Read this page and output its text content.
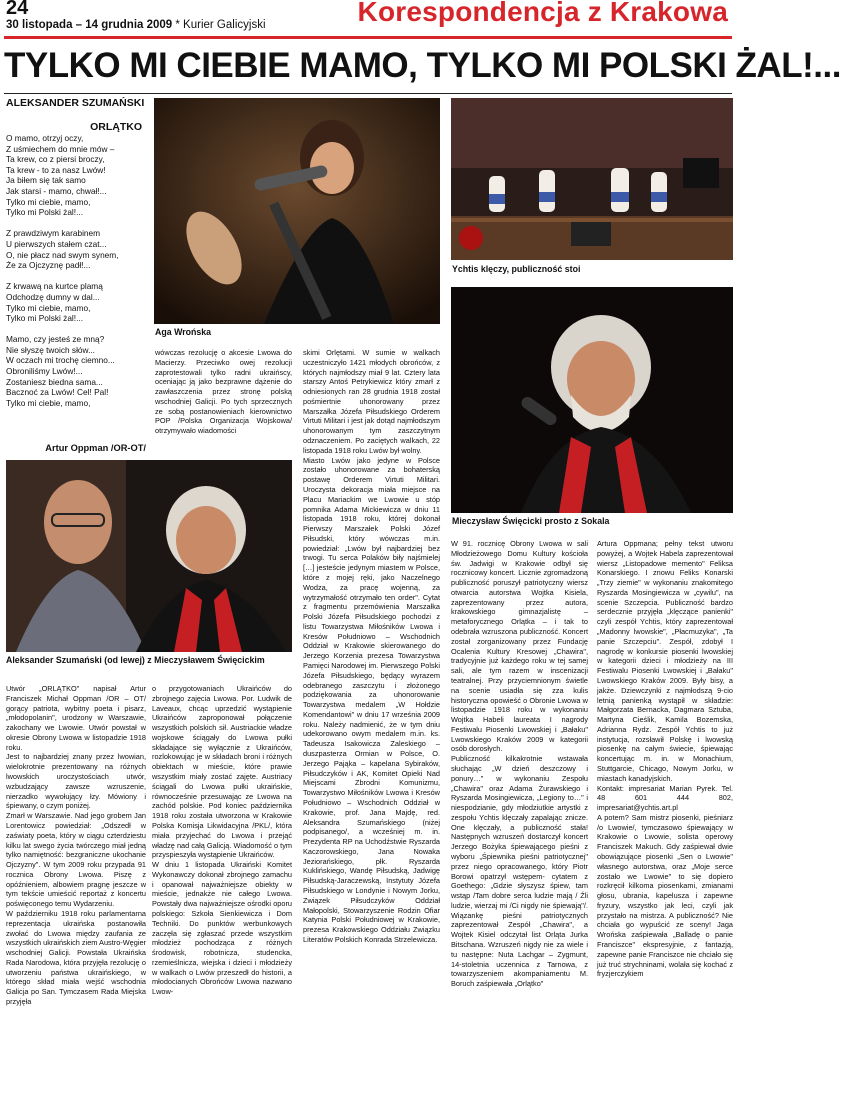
24
30 listopada – 14 grudnia 2009 * Kurier Galicyjski	Korespondencja z Krakowa
TYLKO MI CIEBIE MAMO, TYLKO MI POLSKI ŻAL!...
ALEKSANDER SZUMAŃSKI
ORLĄTKO
O mamo, otrzyj oczy,
Z uśmiechem do mnie mów –
Ta krew, co z piersi broczy,
Ta krew - to za nasz Lwów!
Ja biłem się tak samo
Jak starsi - mamo, chwał!...
Tylko mi ciebie, mamo,
Tylko mi Polski żal!...

Z prawdziwym karabinem
U pierwszych stałem czat...
O, nie płacz nad swym synem,
Że za Ojczyznę padł!...

Z krwawą na kurtce plamą
Odchodzę dumny w dal...
Tylko mi ciebie, mamo,
Tylko mi Polski żal!...

Mamo, czy jesteś ze mną?
Nie słyszę twoich słów...
W oczach mi trochę ciemno...
Obroniliśmy Lwów!...
Zostaniesz biedna sama...
Bacznoć za Lwów! Cel! Pal!
Tylko mi ciebie, mamo,
Artur Oppman /OR-OT/
Aga Wrońska
Ychtis klęczy, publiczność stoi
Mieczysław Święcicki prosto z Sokala
Aleksander Szumański (od lewej) z Mieczysławem Święcickim
Utwór „ORLĄTKO" napisał Artur Franciszek Michał Oppman /OR – OT/ gorący patriota, wybitny poeta i pisarz, „młodopolanin", urodzony w Warszawie, zakochany we Lwowie. Utwór powstał w okresie Obrony Lwowa w listopadzie 1918 roku.
Jest to najbardziej znany przez lwowian, wielokrotnie prezentowany na różnych lwowskich uroczystościach utwór, wzbudzający zawsze wzruszenie, nierzadko wywołujący łzy. Mówiony i śpiewany, o czym poniżej.
Zmarł w Warszawie. Nad jego grobem Jan Lorentowicz powiedział: „Odszedł w zaświaty poeta, który w ciągu czterdziestu kilku lat swego życia twórczego miał jedną tylko namiętność: bezgraniczne ukochanie Ojczyzny". W tym 2009 roku przypada 91 rocznica Obrony Lwowa. Piszę z opóźnieniem, albowiem pragnę jeszcze w tym tekście umieścić reportaż z koncertu poświęconego temu Wydarzeniu.
W październiku 1918 roku parlamentarna reprezentacja ukraińska postanowiła zwołać do Lwowa między zaufania ze wszystkich ukraińskich ziem Austro-Węgier wschodniej Galicji. Powstała Ukraińska Rada Narodowa, która przyjęła rezolucję o utworzeniu państwa ukraińskiego, w którego skład miała wejść wschodnia Galicja po San. Tymczasem Rada Miejska przyjęła
wówczas rezolucję o akcesie Lwowa do Macierzy. Przeciwko owej rezolucji zaprotestowali tylko radni ukraińscy, oceniając ją jako bezprawne dążenie do zawłaszczenia przez stronę polską wschodniej Galicji. Po tych sprzecznych ze sobą postanowieniach kierownictwo POP /Polska Organizacja Wojskowa/ otrzymywało wiadomości
o przygotowaniach Ukraińców do zbrojnego zajęcia Lwowa. Por. Ludwik de Laveaux, chcąc uprzedzić wystąpienie Ukraińców zaproponował połączenie wszystkich polskich sił. Austriackie władze wojskowe ściągały do Lwowa pułki składające się wyłącznie z Ukraińców, rozlokowując je w składach broni i różnych obiektach w mieście, które prawie wszystkim miały zostać zajęte. Austriacy ściągali do Lwowa pułki ukraińskie, równocześnie przesuwając ze Lwowa na zachód polskie. Pod koniec października 1918 roku została utworzona w Krakowie Polska Komisja Likwidacyjna /PKL/, która miała przyjechać do Lwowa i przejąć władzę nad całą Galicją. Wiadomość o tym przyspieszyła wystąpienie Ukraińców.
W dniu 1 listopada Ukraiński Komitet Wykonawczy dokonał zbrojnego zamachu i opanował najważniejsze obiekty w mieście, jednakże nie całego Lwowa. Powstały dwa najważniejsze ośrodki oporu polskiego: Szkoła Sienkiewicza i Dom Techniki. Do punktów werbunkowych zaczęła się zgłaszać przede wszystkim młodzież pochodząca z różnych środowisk, robotnicza, studencka, rzemieślnicza, wiejska i dzieci i młodzieży w walkach o Lwów przeszedł do historii, a młodocianych Obrońców Lwowa nazwano Lwow-
skimi Orlętami. W sumie w walkach uczestniczyło 1421 młodych obrońców, z których najmłodszy miał 9 lat. Cztery lata starszy Antoś Petrykiewicz który zmarł z odniesionych ran 28 grudnia 1918 został pośmiertnie uhonorowany przez Marszałka Józefa Piłsudskiego Orderem Virtuti Militari i jest jak dotąd najmłodszym uhonorowanym tym zaszczytnym odznaczeniem. Po zaciętych walkach, 22 listopada 1918 roku Lwów był wolny.
Miasto Lwów jako jedyne w Polsce zostało uhonorowane za bohaterską postawę Orderem Virtuti Militari. Uroczysta dekoracja miała miejsce na Placu Mariackim we Lwowie u stóp pomnika Adama Mickiewicza w dniu 11 listopada 1918 roku, której dokonał Pierwszy Marszałek Polski Józef Piłsudski, który wówczas m.in. powiedział: „Lwów był najbardziej bez trwogi. Tu serca Polaków biły najśmielej […] jesteście jedynym miastem w Polsce, które z mojej ręki, jako Naczelnego Wodza, za pracę wojenną, za wytrzymałość otrzymało ten order". Cytat z fragmentu przemówienia Marszałka Polski Józefa Piłsudskiego pochodzi z listu Towarzystwa Miłośników Lwowa i Kresów Południowo – Wschodnich Oddział w Krakowie skierowanego do Jerzego Korzenia prezesa Towarzystwa Pamięci Narodowej im. Pierwszego Polski Józefa Piłsudskiego, będący wyrazem odebranego zaszczytu i złożonego podziękowania za uhonorowanie Towarzystwa medalem „W Hołdzie Komendantowi" w dniu 17 września 2009 roku. Należy nadmienić, że w tym dniu udekorowano owym medalem m.in. ks. Tadeusza Isakowicza Zaleskiego – duszpasterza Ormian w Polsce, O. Jerzego Pająka – kapelana Sybiraków, Piłsudczyków i AK, Komitet Opieki Nad Miejscami Zbrodni Komunizmu, Towarzystwo Miłośników Lwowa i Kresów Południowo – Wschodnich Oddział w Krakowie, prof. Jana Majdę, red. Aleksandra Szumańskiego (niżej podpisanego/, a wcześniej m. in. Prezydenta RP na Uchodźstwie Ryszarda Kaczorowskiego, Jana Nowaka Jeziorańskiego, płk. Ryszarda Kuklińskiego, Wandę Piłsudską, Jadwigę Piłsudską-Jaraczewską, Instytuty Józefa Piłsudskiego w Londynie i Nowym Jorku, Związek Piłsudczyków Oddział Małopolski, Stowarzyszenie Rodzin Ofiar Katynia Polski Południowej w Krakowie, prezesa Krakowskiego Oddziału Związku Literatów Polskich Konrada Strzelewicza.
W 91. rocznicę Obrony Lwowa w sali Młodzieżowego Domu Kultury kościoła św. Jadwigi w Krakowie odbył się rocznicowy koncert. Licznie zgromadzoną publiczność poruszył patriotyczny wiersz otwarcia autorstwa Wojtka Kisiela, zaprezentowany przez autora, krakowskiego gimnazjalistę – metaforycznego Orlątka – i tak to odebrała wzruszona publiczność. Koncert został zorganizowany przez Fundację Ocalenia Kultury Kresowej „Chawira", tradycyjnie już każdego roku w tej samej sali, ale tym razem w inscenizacji teatralnej. Przy przyciemnionym świetle na scenie usiadła się zza kulis historyczna opowieść o Obronie Lwowa w listopadzie 1918 roku w wykonaniu Wojtka Habeli laureata I nagrody Festiwalu Piosenki Lwowskiej i „Bałaku" Lwowskiego Kraków 2009 w kategorii osób dorosłych.
Publiczność kilkakrotnie wstawała słuchając „W dzień deszczowy i ponury…" w wykonaniu Zespołu „Chawira" oraz Adama Żurawskiego i Ryszarda Mosingiewicza, „Legiony to…" i niespodzianie, gdy młodziutkie artystki z zespołu Ychtis klęczały zapalając znicze. One klęczały, a publiczność stała! Następnych wzruszeń dostarczył koncert Jerzego Bożyka śpiewającego pieśni z wyboru „Śpiewnika pieśni patriotycznej" przez niego opracowanego, który Piotr Borowi opatrzył wstępem- cytatem z Goethego: „Gdzie słyszysz śpiew, tam wstąp /Tam dobre serca ludzie mają / Źli ludzie, wierzaj mi /Ci nigdy nie śpiewają"/. Wiązankę pieśni patriotycznych zaprezentował Zespół „Chawira", a Wojtek Kisiel odczytał list Orląta Jurka Bitschana. Wzruszeń nigdy nie za wiele i tu następne: Nuta Lachgar – Zygmunt, 14-stoletnia uczennica z Tarnowa, z towarzyszeniem akompaniamentu M. Boruch zaśpiewała „Orlątko"
Artura Oppmana; pełny tekst utworu powyżej, a Wojtek Habela zaprezentował wiersz „Listopadowe memento" Feliksa Konarskiego. I znowu Feliks Konarski „Trzy ziemie" w wykonaniu znakomitego Ryszarda Mosingiewicza w „cywilu", na scenie Szczepcia. Publiczność bardzo serdecznie przyjęła „klęczące panienki" czyli zespół Ychtis, który zaprezentował „Madonny lwowskie", „Płacmuzyka", „Ta panie Szczepciu". Zespół, zdobył I nagrodę w konkursie piosenki lwowskiej w kategorii dzieci i młodzieży na III Festiwalu Piosenki Lwowskiej i „Bałaku" Lwowskiego Kraków 2009. Były bisy, a jakże. Dziewczynki z najmłodszą 9-cio letnią panienką wystąpił w składzie: Małgorzata Bernacka, Dagmara Sztuba, Martyna Cieślik, Kamila Bozemska, Adrianna Rydz. Zespół Ychtis to już instytucja, rozsławił Polskę i lwowską piosenkę na całym świecie, śpiewając koncertując m. in. w Monachium, Stuttgarcie, Chicago, Nowym Jorku, w miastach kanadyjskich.
Kontakt: impresariat Marian Pyrek. Tel. 48 601 444 802, impresariat@ychtis.art.pl
A potem? Sam mistrz piosenki, pieśniarz /o Lwowie/, tymczasowo śpiewający w Krakowie o Lwowie, solista operowy Franciszek Makuch. Gdy zaśpiewał dwie obowiązujące piosenki „Sen o Lwowie" własnego autorstwa, oraz „Moje serce zostało we Lwowie" to się dopiero rozkręcił kilkoma piosenkami, zmianami głosu, ubrania, kapelusza i zapewne fryzury, wszystko jak leci, czyli jak przystało na mistrza. A publiczność? Nie chciała go wypuścić ze sceny! Jaga Wrońska zaśpiewała „Balladę o panie Franciszce" ekspresyjnie, z fantazją, zapewne panie Franciszce nie chciało się już truć strychninami, wolała się kochać z fryzjerczykiem
